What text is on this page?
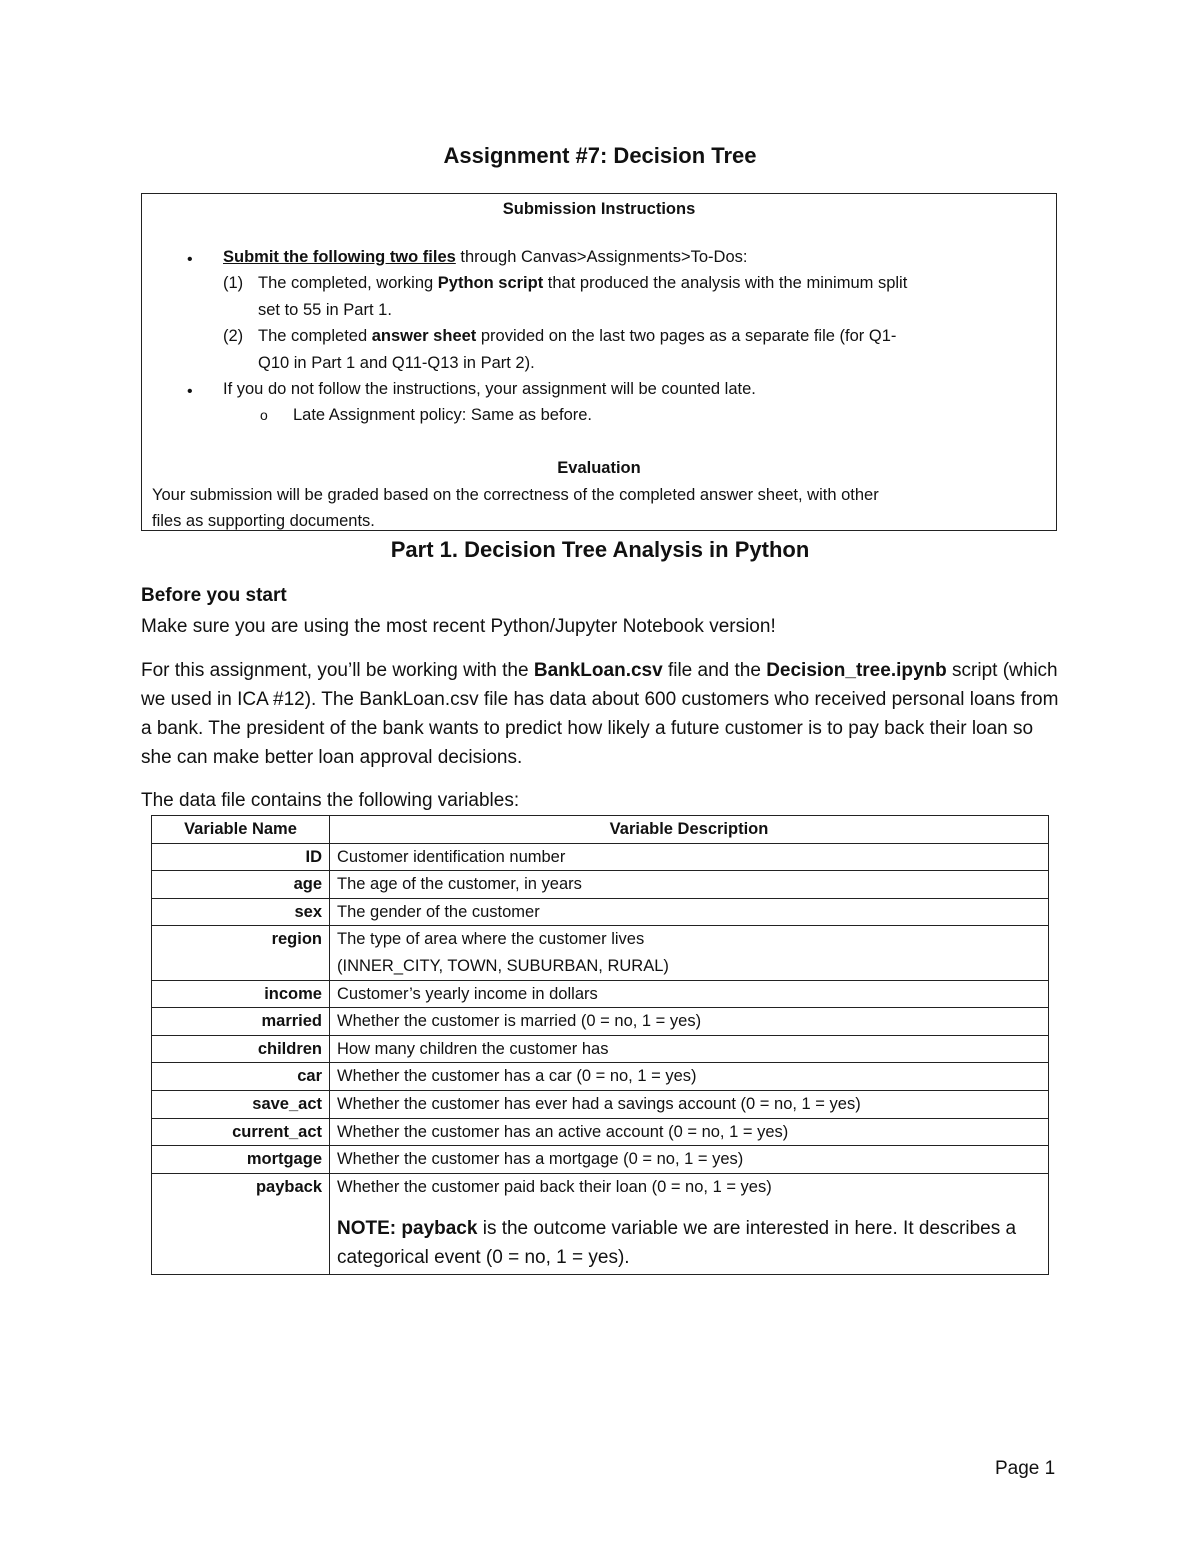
Assignment #7: Decision Tree
Submission Instructions
• Submit the following two files through Canvas>Assignments>To-Dos:
(1) The completed, working Python script that produced the analysis with the minimum split
set to 55 in Part 1.
(2) The completed answer sheet provided on the last two pages as a separate file (for Q1-
Q10 in Part 1 and Q11-Q13 in Part 2).
• If you do not follow the instructions, your assignment will be counted late.
o Late Assignment policy: Same as before.
Evaluation
Your submission will be graded based on the correctness of the completed answer sheet, with other
files as supporting documents.
Part 1. Decision Tree Analysis in Python
Before you start

Make sure you are using the most recent Python/Jupyter Notebook version!

For this assignment, you’ll be working with the BankLoan.csv file and the Decision_tree.ipynb script (which we used in ICA #12). The BankLoan.csv file has data about 600 customers who received personal loans from a bank. The president of the bank wants to predict how likely a future customer is to pay back their loan so she can make better loan approval decisions.

The data file contains the following variables:

Variable Name	Variable Description
ID	Customer identification number
age	The age of the customer, in years
sex	The gender of the customer
region	The type of area where the customer lives
(INNER_CITY, TOWN, SUBURBAN, RURAL)

income	Customer’s yearly income in dollars
married	Whether the customer is married (0 = no, 1 = yes)
children	How many children the customer has
car	Whether the customer has a car (0 = no, 1 = yes)
save_act	Whether the customer has ever had a savings account (0 = no, 1 = yes)
current_act	Whether the customer has an active account (0 = no, 1 = yes)
mortgage	Whether the customer has a mortgage (0 = no, 1 = yes)
payback	Whether the customer paid back their loan (0 = no, 1 = yes)
NOTE: payback is the outcome variable we are interested in here. It describes a categorical event (0 = no, 1 = yes).

Page 1
